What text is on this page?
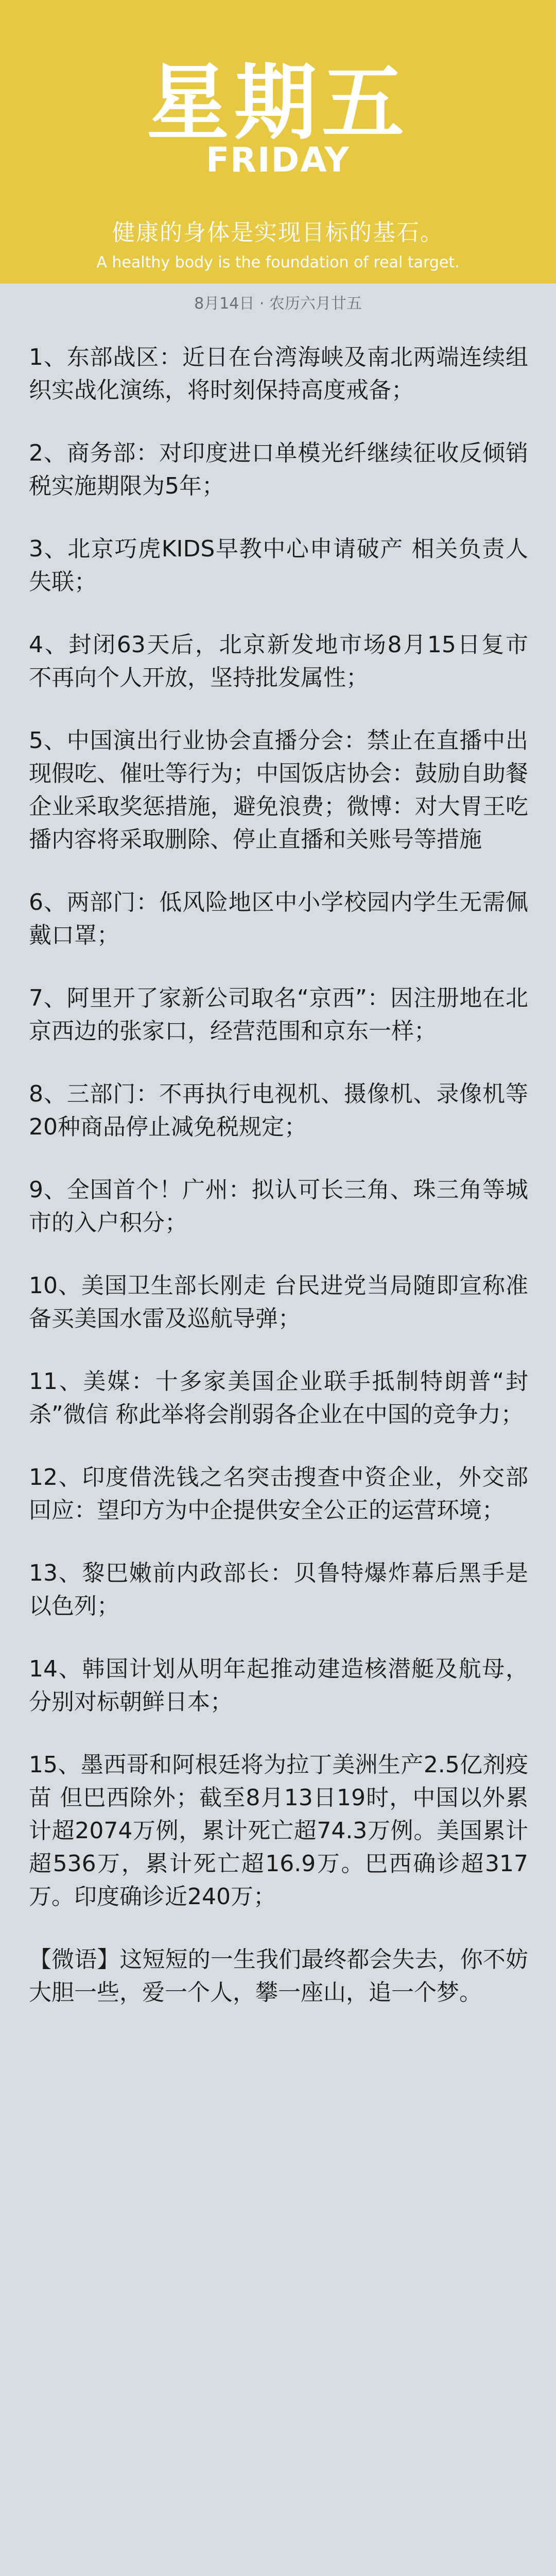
星期五
FRIDAY
健康的身体是实现目标的基石。
A healthy body is the foundation of real target.
8月14日 · 农历六月廿五

1、东部战区：近日在台湾海峡及南北两端连续组织实战化演练，将时刻保持高度戒备；

2、商务部：对印度进口单模光纤继续征收反倾销税实施期限为5年；

3、北京巧虎KIDS早教中心申请破产 相关负责人失联；

4、封闭63天后，北京新发地市场8月15日复市 不再向个人开放，坚持批发属性；

5、中国演出行业协会直播分会：禁止在直播中出现假吃、催吐等行为；中国饭店协会：鼓励自助餐企业采取奖惩措施，避免浪费；微博：对大胃王吃播内容将采取删除、停止直播和关账号等措施

6、两部门：低风险地区中小学校园内学生无需佩戴口罩；

7、阿里开了家新公司取名“京西”：因注册地在北京西边的张家口，经营范围和京东一样；

8、三部门：不再执行电视机、摄像机、录像机等20种商品停止减免税规定；

9、全国首个！广州：拟认可长三角、珠三角等城市的入户积分；

10、美国卫生部长刚走 台民进党当局随即宣称准备买美国水雷及巡航导弹；

11、美媒：十多家美国企业联手抵制特朗普“封杀”微信 称此举将会削弱各企业在中国的竞争力；

12、印度借洗钱之名突击搜查中资企业，外交部回应：望印方为中企提供安全公正的运营环境；

13、黎巴嫩前内政部长：贝鲁特爆炸幕后黑手是以色列；

14、韩国计划从明年起推动建造核潜艇及航母，分别对标朝鲜日本；

15、墨西哥和阿根廷将为拉丁美洲生产2.5亿剂疫苗 但巴西除外；截至8月13日19时，中国以外累计超2074万例，累计死亡超74.3万例。美国累计超536万，累计死亡超16.9万。巴西确诊超317万。印度确诊近240万；

【微语】这短短的一生我们最终都会失去，你不妨大胆一些，爱一个人，攀一座山，追一个梦。
